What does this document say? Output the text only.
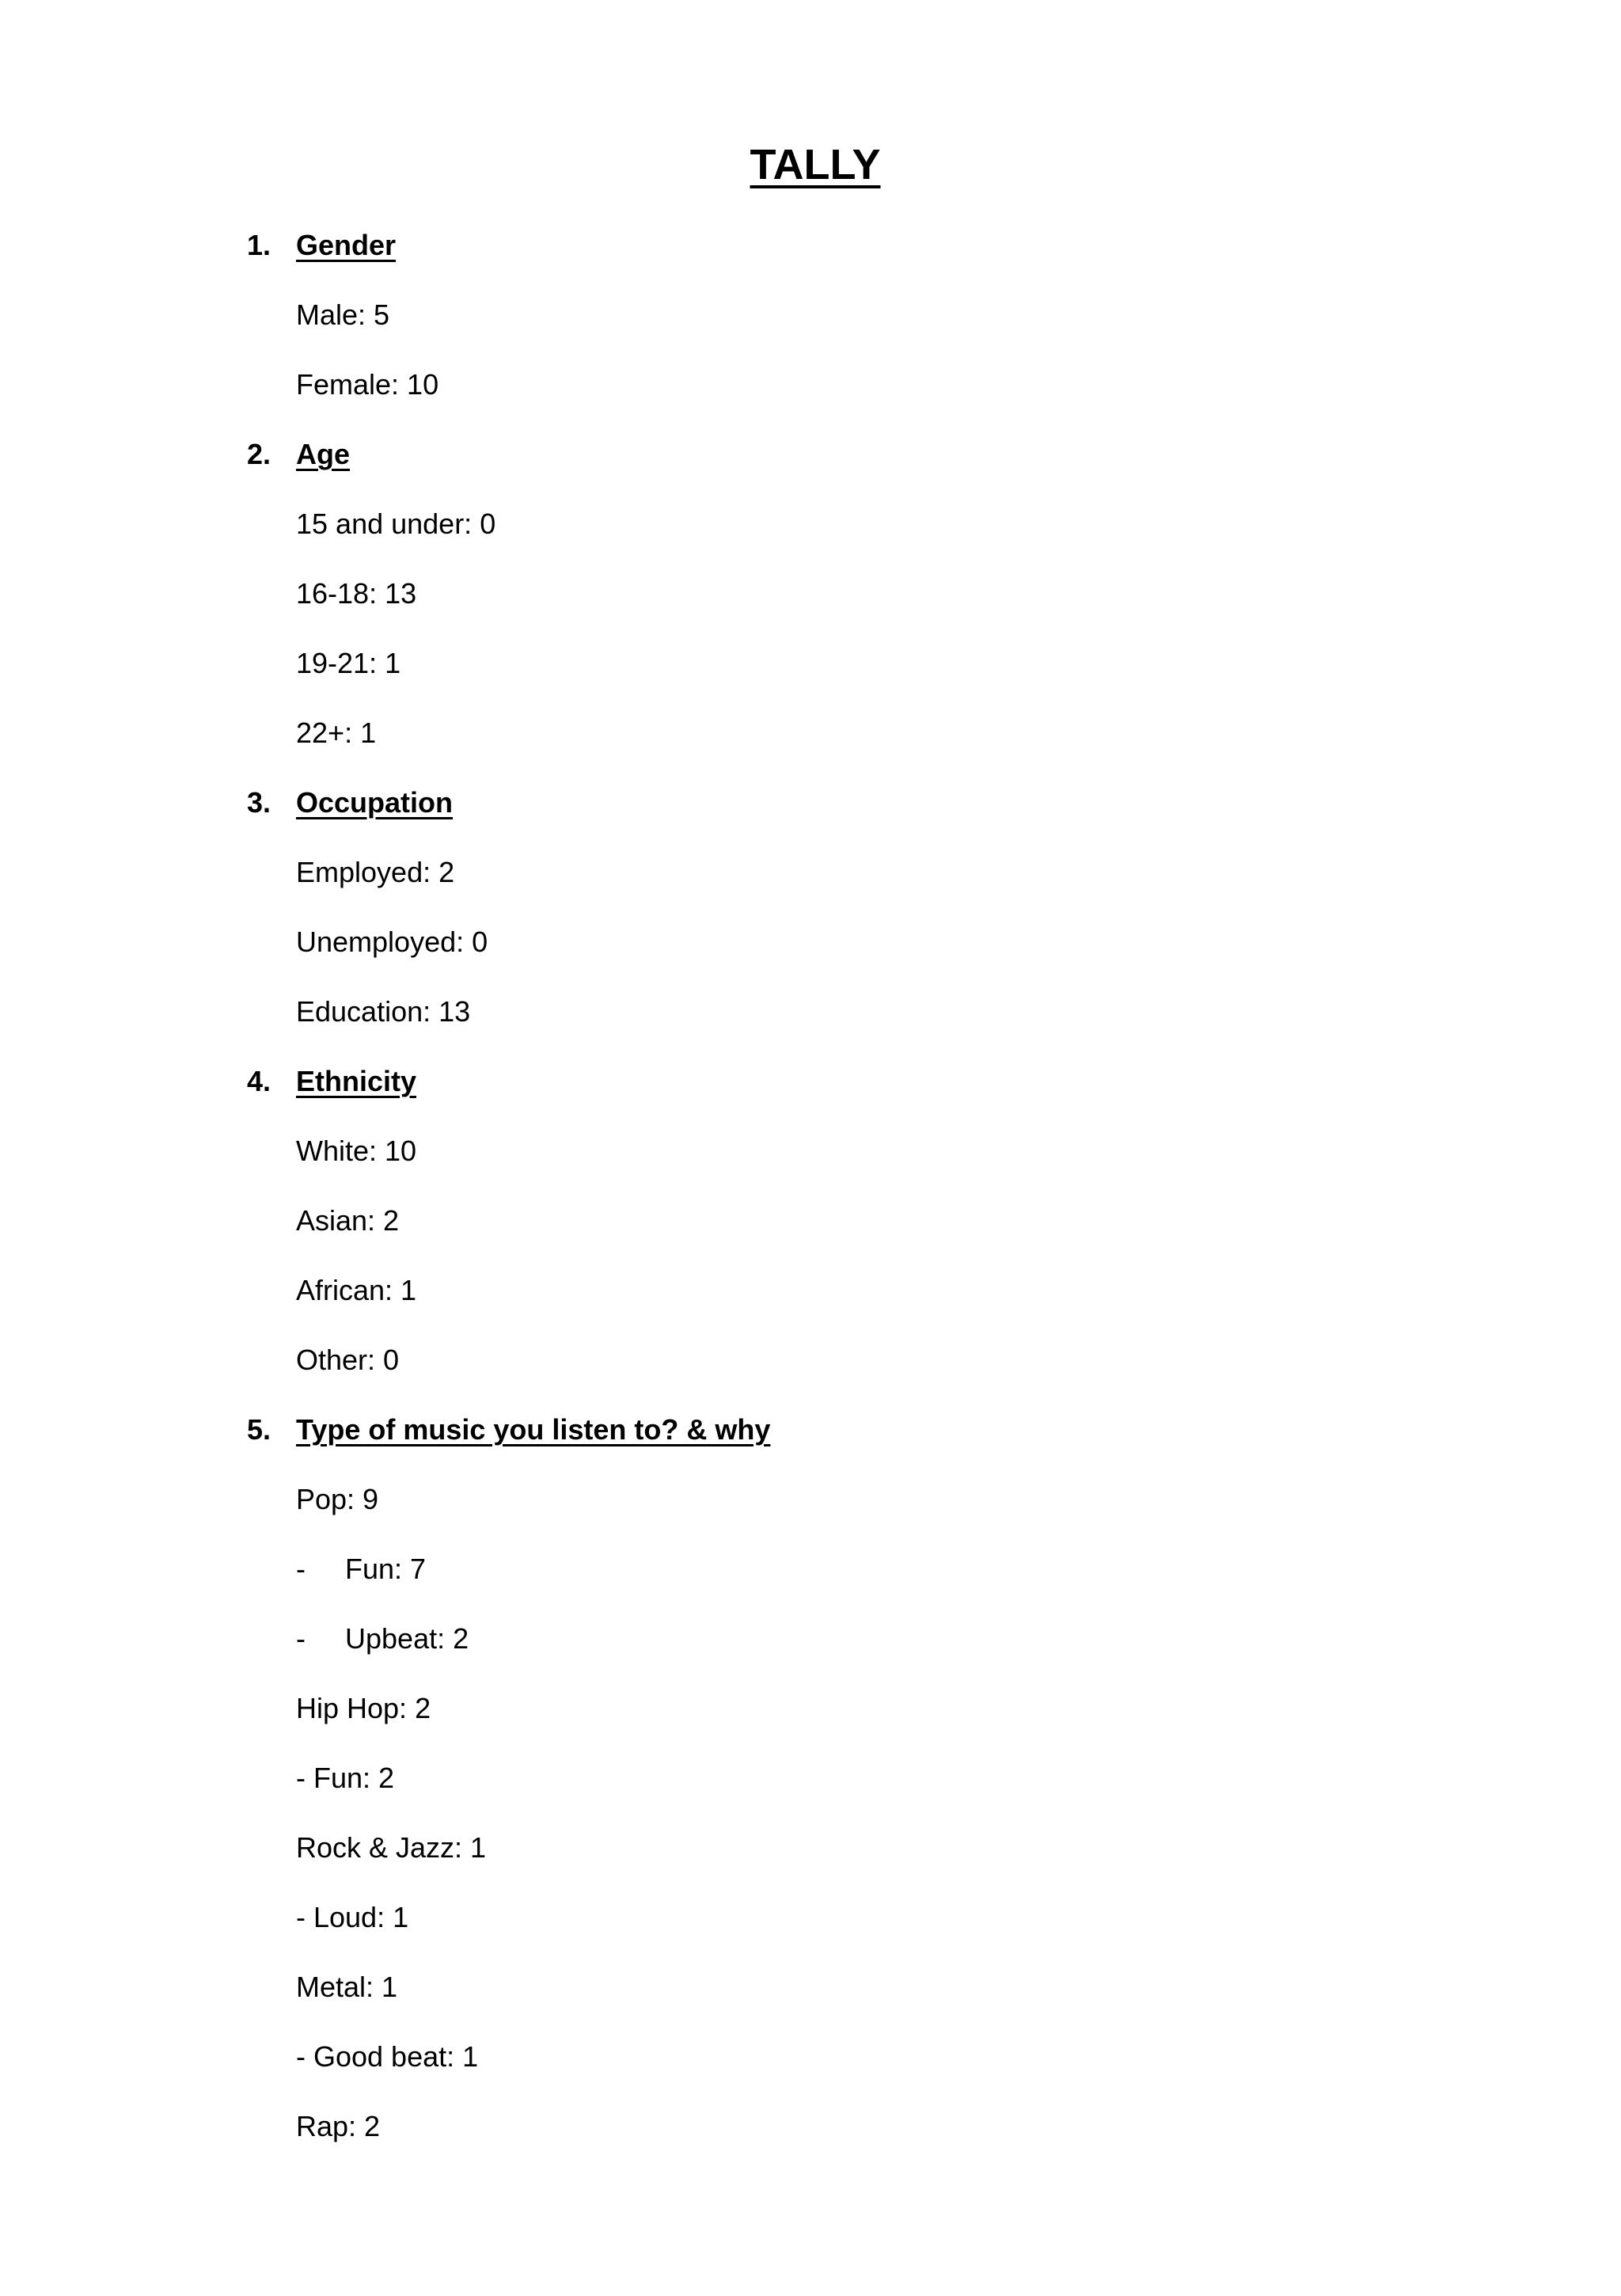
TALLY
1. Gender
Male: 5
Female: 10
2. Age
15 and under: 0
16-18: 13
19-21: 1
22+: 1
3. Occupation
Employed: 2
Unemployed: 0
Education: 13
4. Ethnicity
White: 10
Asian: 2
African: 1
Other: 0
5. Type of music you listen to? & why
Pop: 9
- Fun: 7
- Upbeat: 2
Hip Hop: 2
- Fun: 2
Rock & Jazz: 1
- Loud: 1
Metal: 1
- Good beat: 1
Rap: 2
